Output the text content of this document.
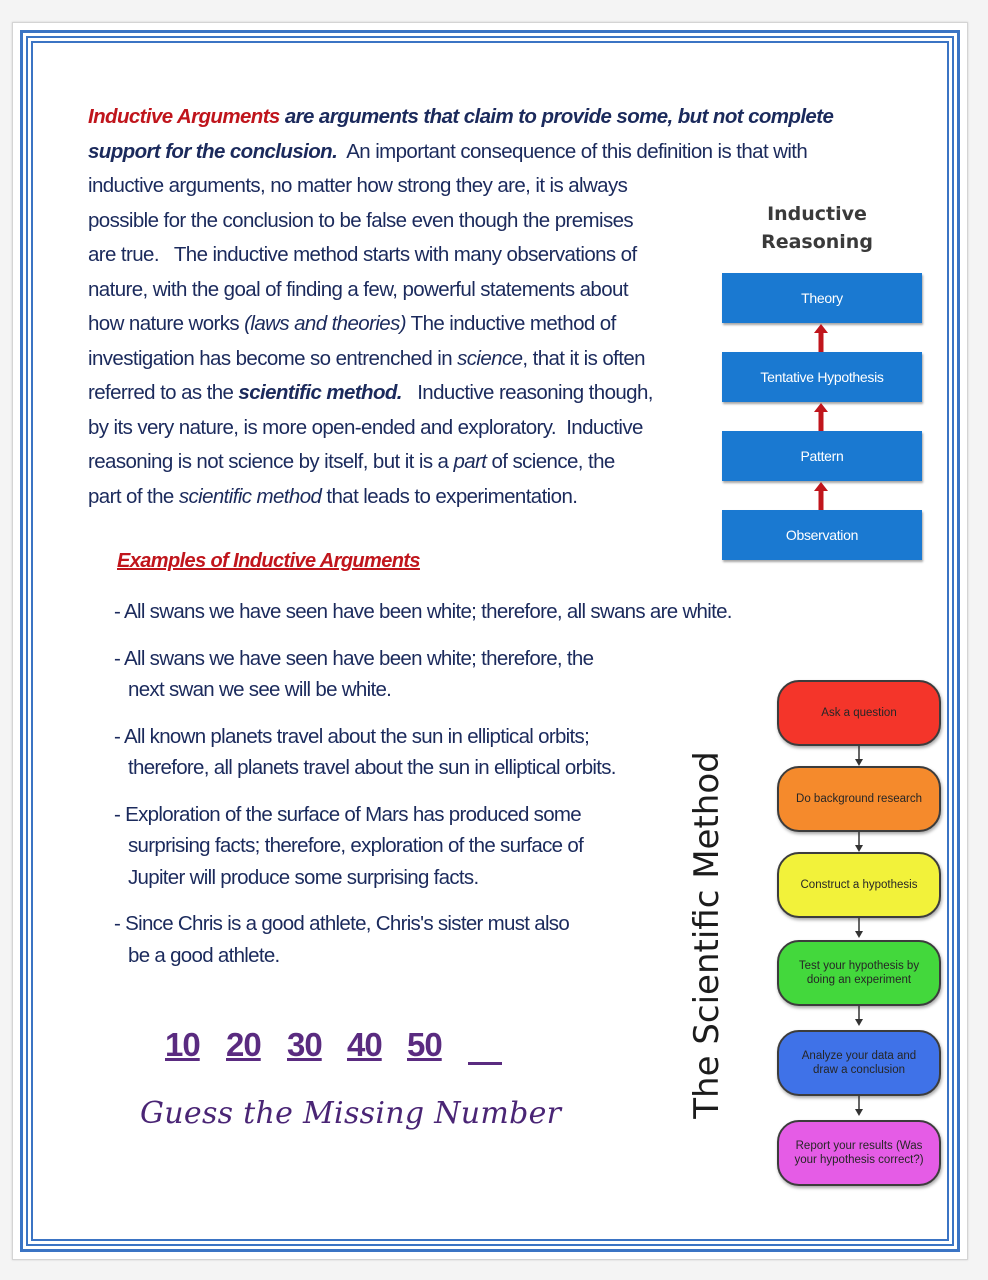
Inductive Arguments are arguments that claim to provide some, but not complete
support for the conclusion. An important consequence of this definition is that with
inductive arguments, no matter how strong they are, it is always
possible for the conclusion to be false even though the premises
are true.   The inductive method starts with many observations of
nature, with the goal of finding a few, powerful statements about
how nature works (laws and theories) The inductive method of
investigation has become so entrenched in science, that it is often
referred to as the scientific method.   Inductive reasoning though,
by its very nature, is more open-ended and exploratory.  Inductive
reasoning is not science by itself, but it is a part of science, the
part of the scientific method that leads to experimentation.
Inductive
Reasoning
Theory
Tentative Hypothesis
Pattern
Observation
Examples of Inductive Arguments
- All swans we have seen have been white; therefore, all swans are white.
- All swans we have seen have been white; therefore, the
next swan we see will be white.
- All known planets travel about the sun in elliptical orbits;
therefore, all planets travel about the sun in elliptical orbits.
- Exploration of the surface of Mars has produced some
surprising facts; therefore, exploration of the surface of
Jupiter will produce some surprising facts.
- Since Chris is a good athlete, Chris's sister must also
be a good athlete.
10 20 30 40 50
Guess the Missing Number	The Scientific Method
Ask a question
Do background research
Construct a hypothesis
Test your hypothesis by doing an experiment
Analyze your data and draw a conclusion
Report your results (Was your hypothesis correct?)
